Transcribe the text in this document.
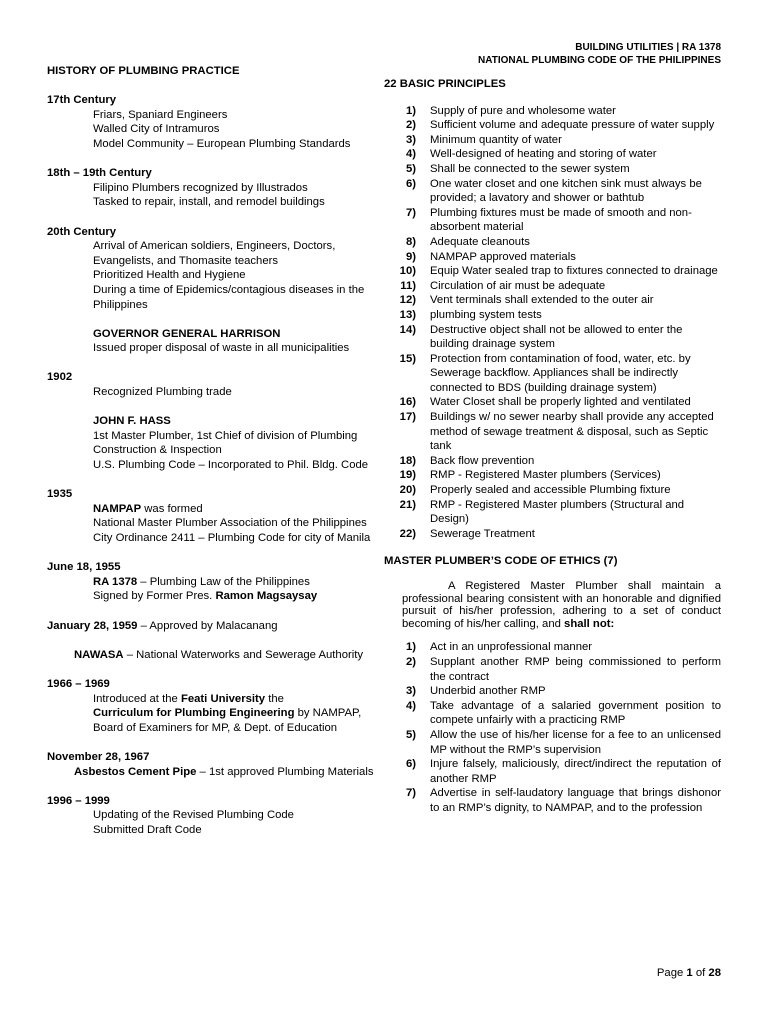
BUILDING UTILITIES | RA 1378
NATIONAL PLUMBING CODE OF THE PHILIPPINES
HISTORY OF PLUMBING PRACTICE
17th Century
Friars, Spaniard Engineers
Walled City of Intramuros
Model Community – European Plumbing Standards
18th – 19th Century
Filipino Plumbers recognized by Illustrados
Tasked to repair, install, and remodel buildings
20th Century
Arrival of American soldiers, Engineers, Doctors,
Evangelists, and Thomasite teachers
Prioritized Health and Hygiene
During a time of Epidemics/contagious diseases in the
Philippines
GOVERNOR GENERAL HARRISON
Issued proper disposal of waste in all municipalities
1902
Recognized Plumbing trade
JOHN F. HASS
1st Master Plumber, 1st Chief of division of Plumbing
Construction & Inspection
U.S. Plumbing Code – Incorporated to Phil. Bldg. Code
1935
NAMPAP was formed
National Master Plumber Association of the Philippines
City Ordinance 2411 – Plumbing Code for city of Manila
June 18, 1955
RA 1378 – Plumbing Law of the Philippines
Signed by Former Pres. Ramon Magsaysay
January 28, 1959 – Approved by Malacanang
NAWASA – National Waterworks and Sewerage Authority
1966 – 1969
Introduced at the Feati University the
Curriculum for Plumbing Engineering by NAMPAP,
Board of Examiners for MP, & Dept. of Education
November 28, 1967
Asbestos Cement Pipe – 1st approved Plumbing Materials
1996 – 1999
Updating of the Revised Plumbing Code
Submitted Draft Code
22 BASIC PRINCIPLES
1)	Supply of pure and wholesome water
2)	Sufficient volume and adequate pressure of water supply
3)	Minimum quantity of water
4)	Well-designed of heating and storing of water
5)	Shall be connected to the sewer system
6)	One water closet and one kitchen sink must always be provided; a lavatory and shower or bathtub
7)	Plumbing fixtures must be made of smooth and non-absorbent material
8)	Adequate cleanouts
9)	NAMPAP approved materials
10)	Equip Water sealed trap to fixtures connected to drainage
11)	Circulation of air must be adequate
12)	Vent terminals shall extended to the outer air
13)	plumbing system tests
14)	Destructive object shall not be allowed to enter the building drainage system
15)	Protection from contamination of food, water, etc. by Sewerage backflow. Appliances shall be indirectly connected to BDS (building drainage system)
16)	Water Closet shall be properly lighted and ventilated
17)	Buildings w/ no sewer nearby shall provide any accepted method of sewage treatment & disposal, such as Septic tank
18)	Back flow prevention
19)	RMP - Registered Master plumbers (Services)
20)	Properly sealed and accessible Plumbing fixture
21)	RMP - Registered Master plumbers (Structural and Design)
22)	Sewerage Treatment
MASTER PLUMBER’S CODE OF ETHICS (7)
A Registered Master Plumber shall maintain a professional bearing consistent with an honorable and dignified pursuit of his/her profession, adhering to a set of conduct becoming of his/her calling, and shall not:
1)	Act in an unprofessional manner
2)	Supplant another RMP being commissioned to perform the contract
3)	Underbid another RMP
4)	Take advantage of a salaried government position to compete unfairly with a practicing RMP
5)	Allow the use of his/her license for a fee to an unlicensed MP without the RMP’s supervision
6)	Injure falsely, maliciously, direct/indirect the reputation of another RMP
7)	Advertise in self-laudatory language that brings dishonor to an RMP’s dignity, to NAMPAP, and to the profession
Page 1 of 28
